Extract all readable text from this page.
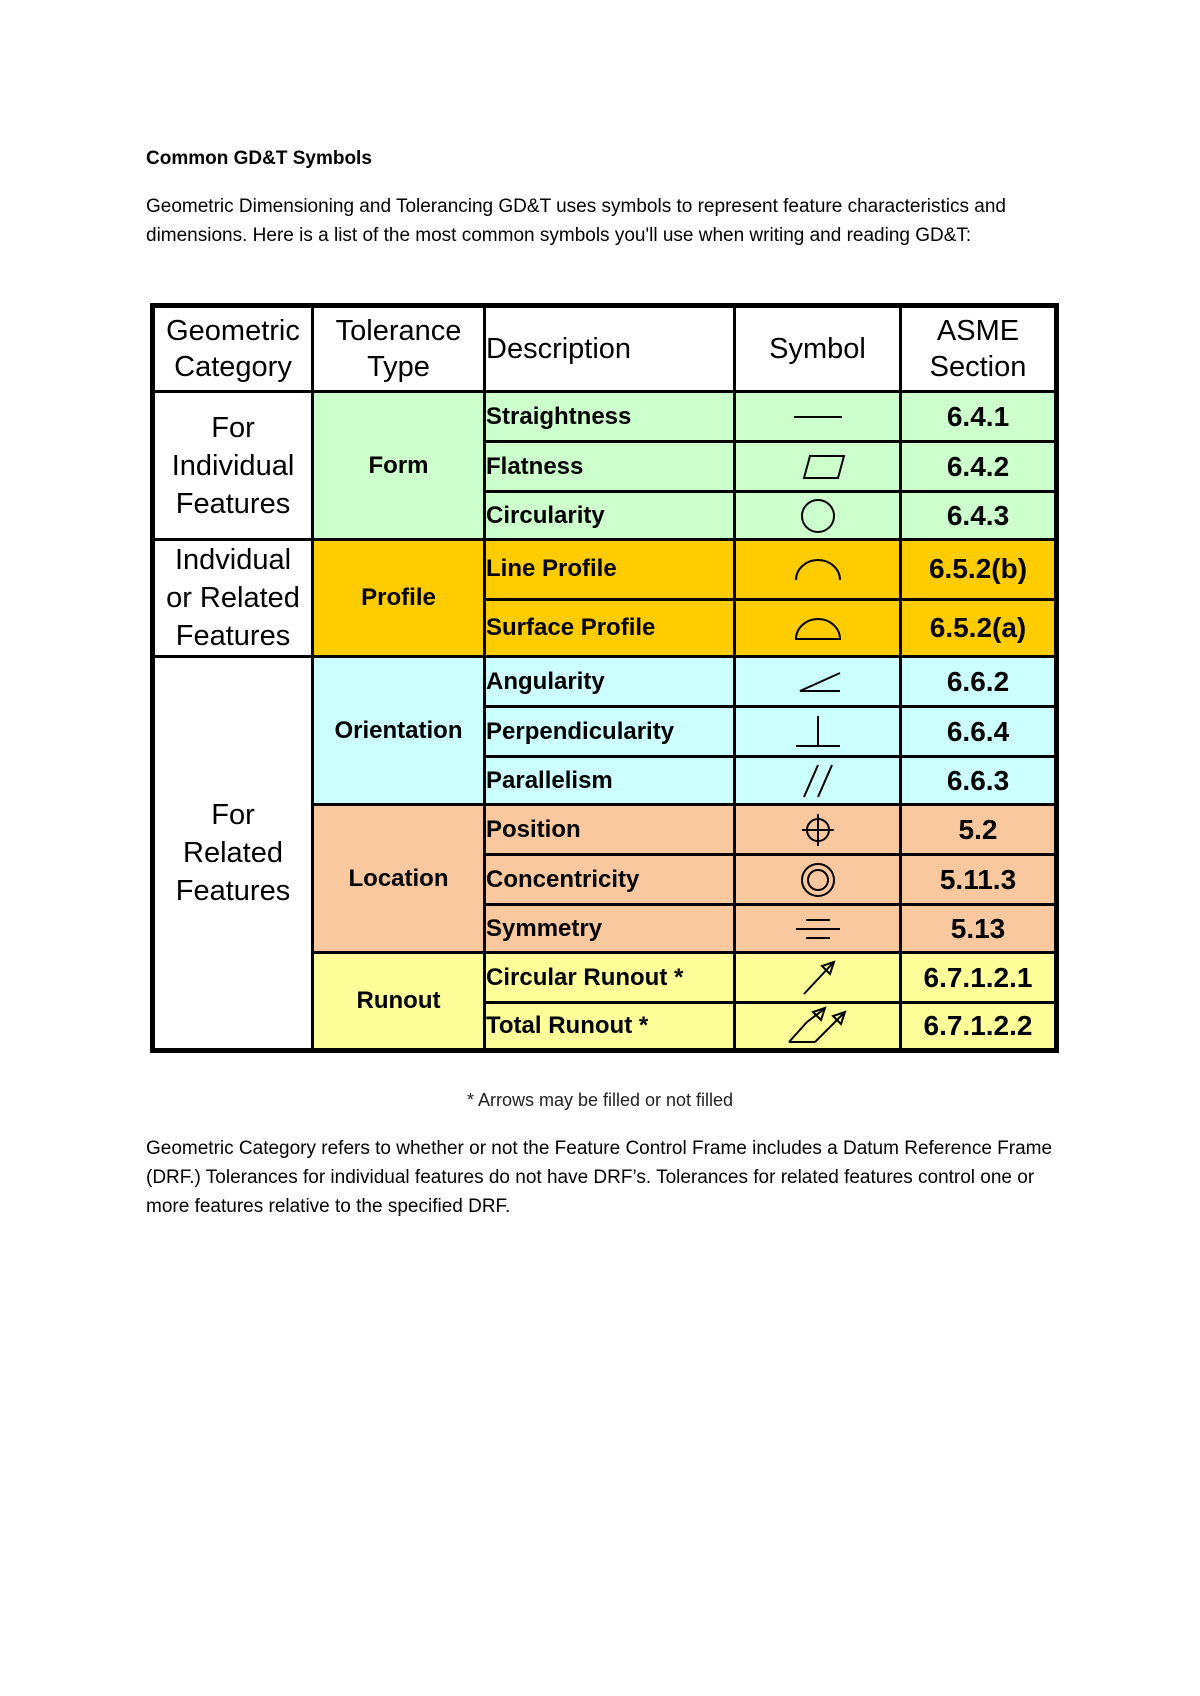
Common GD&T Symbols
Geometric Dimensioning and Tolerancing GD&T uses symbols to represent feature characteristics and dimensions. Here is a list of the most common symbols you'll use when writing and reading GD&T:
Geometric Category	Tolerance Type	Description	Symbol	ASME Section
For Individual Features	Form	Straightness		6.4.1
		Flatness		6.4.2
		Circularity		6.4.3
Indvidual or Related Features	Profile	Line Profile		6.5.2(b)
		Surface Profile		6.5.2(a)
For Related Features	Orientation	Angularity		6.6.2
		Perpendicularity		6.6.4
		Parallelism		6.6.3
	Location	Position		5.2
		Concentricity		5.11.3
		Symmetry		5.13
	Runout	Circular Runout *		6.7.1.2.1
		Total Runout *		6.7.1.2.2
* Arrows may be filled or not filled
Geometric Category refers to whether or not the Feature Control Frame includes a Datum Reference Frame (DRF.) Tolerances for individual features do not have DRF’s. Tolerances for related features control one or more features relative to the specified DRF.
